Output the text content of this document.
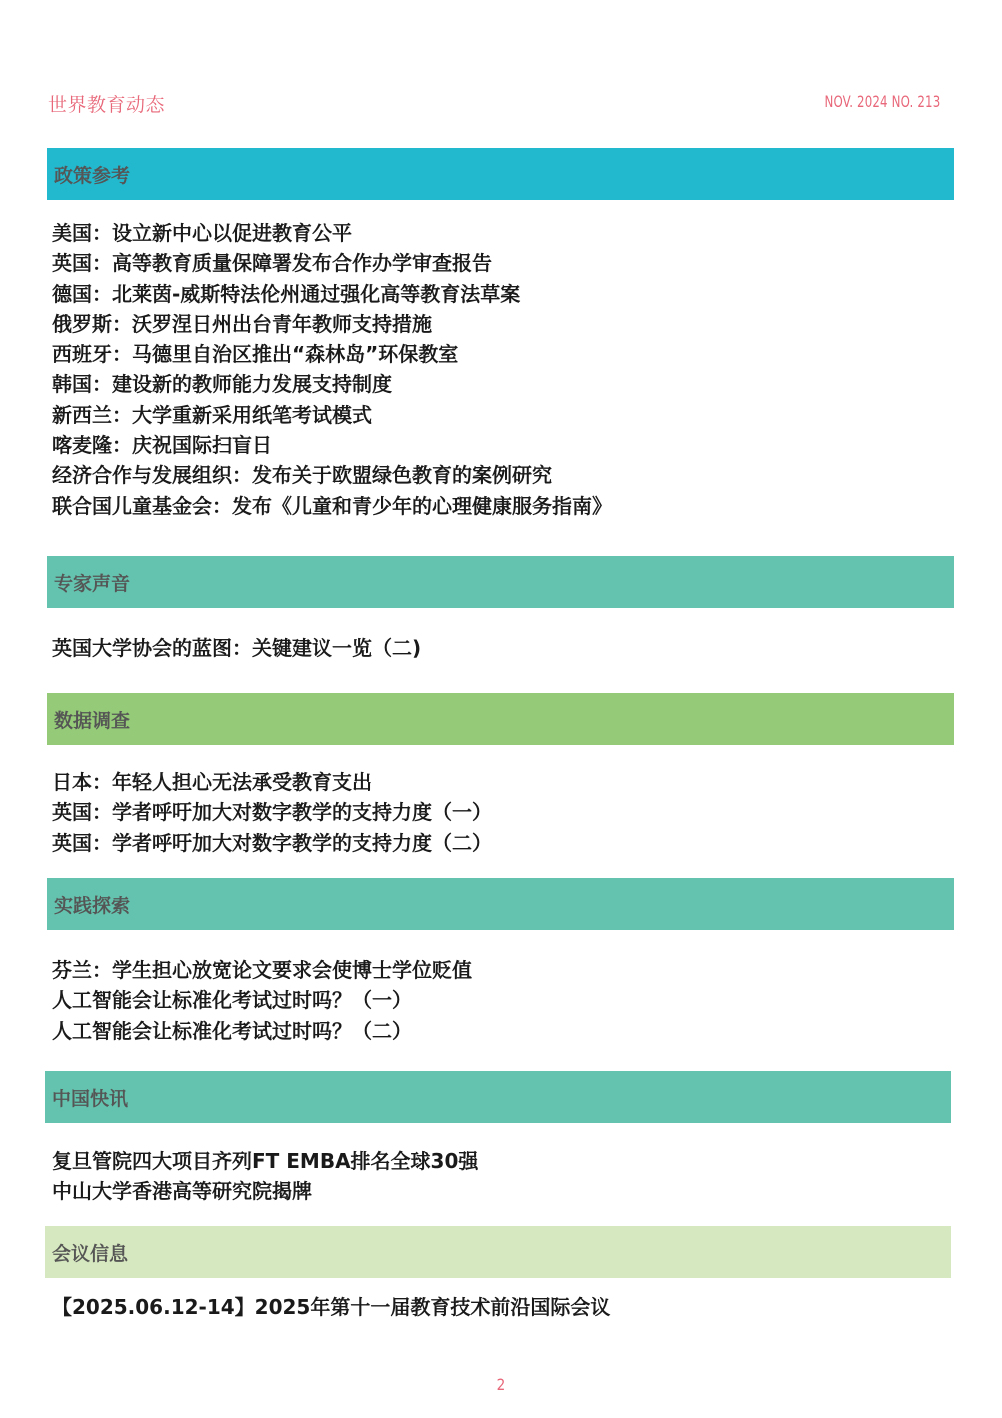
世界教育动态	NOV. 2024 NO. 213
政策参考
美国：设立新中心以促进教育公平
英国：高等教育质量保障署发布合作办学审查报告
德国：北莱茵-威斯特法伦州通过强化高等教育法草案
俄罗斯：沃罗涅日州出台青年教师支持措施
西班牙：马德里自治区推出“森林岛”环保教室
韩国：建设新的教师能力发展支持制度
新西兰：大学重新采用纸笔考试模式
喀麦隆：庆祝国际扫盲日
经济合作与发展组织：发布关于欧盟绿色教育的案例研究
联合国儿童基金会：发布《儿童和青少年的心理健康服务指南》
专家声音
英国大学协会的蓝图：关键建议一览（二)
数据调查
日本：年轻人担心无法承受教育支出
英国：学者呼吁加大对数字教学的支持力度（一）
英国：学者呼吁加大对数字教学的支持力度（二）
实践探索
芬兰：学生担心放宽论文要求会使博士学位贬值
人工智能会让标准化考试过时吗？（一）
人工智能会让标准化考试过时吗？（二）
中国快讯
复旦管院四大项目齐列FT EMBA排名全球30强
中山大学香港高等研究院揭牌
会议信息
【2025.06.12-14】2025年第十一届教育技术前沿国际会议
2
